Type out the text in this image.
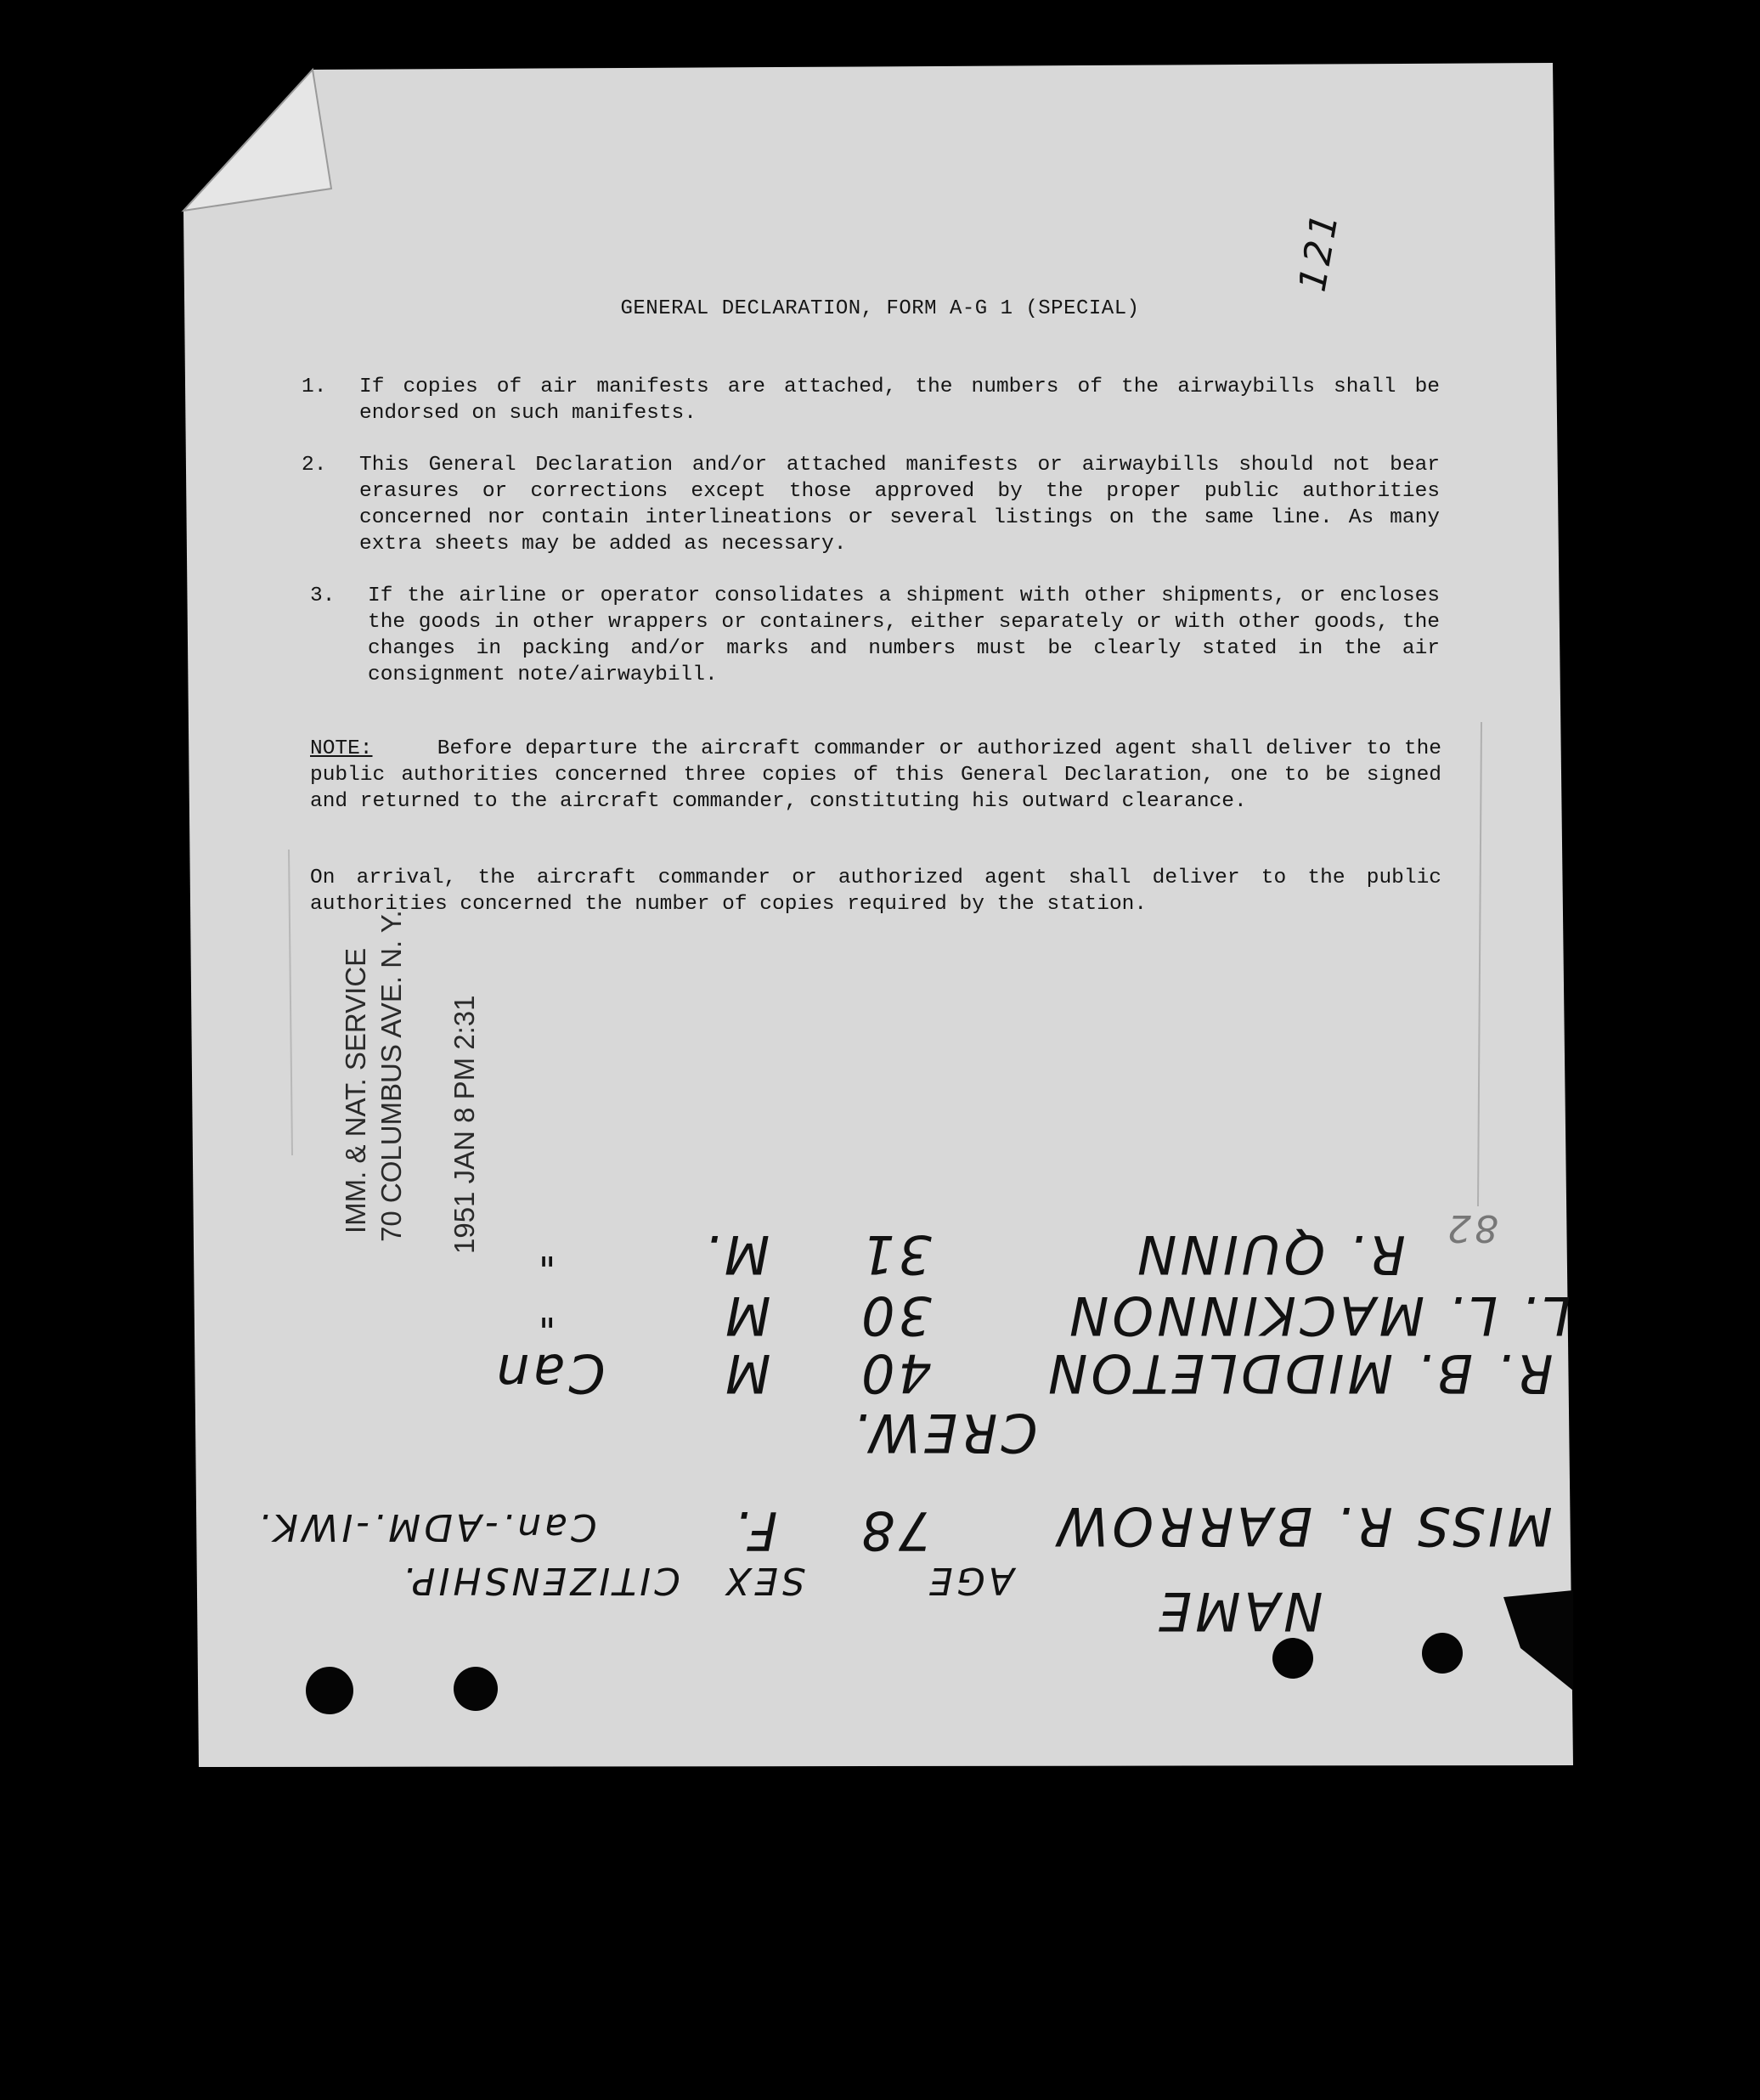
GENERAL DECLARATION, FORM A-G 1 (SPECIAL)
1. If copies of air manifests are attached, the numbers of the airwaybills shall be endorsed on such manifests.
2. This General Declaration and/or attached manifests or airwaybills should not bear erasures or corrections except those approved by the proper public authorities concerned nor contain interlineations or several listings on the same line. As many extra sheets may be added as necessary.
3. If the airline or operator consolidates a shipment with other shipments, or encloses the goods in other wrappers or containers, either separately or with other goods, the changes in packing and/or marks and numbers must be clearly stated in the air consignment note/airwaybill.
NOTE:	Before departure the aircraft commander or authorized agent shall deliver to the public authorities concerned three copies of this General Declaration, one to be signed and returned to the aircraft commander, constituting his outward clearance.
On arrival, the aircraft commander or authorized agent shall deliver to the public authorities concerned the number of copies required by the station.
IMM. & NAT. SERVICE 70 COLUMBUS AVE. N. Y. 1951 JAN 8 PM 2:31
121
82
R. QUINN
31
M.
"
L. L. MACKINNON
30
M
"
R. B. MIDDLETON
40
M
Can
CREW.
MISS R. BARROW
78
F.
Can.-ADM.-IWK.
AGE
SEX
CITIZENSHIP.	NAME
